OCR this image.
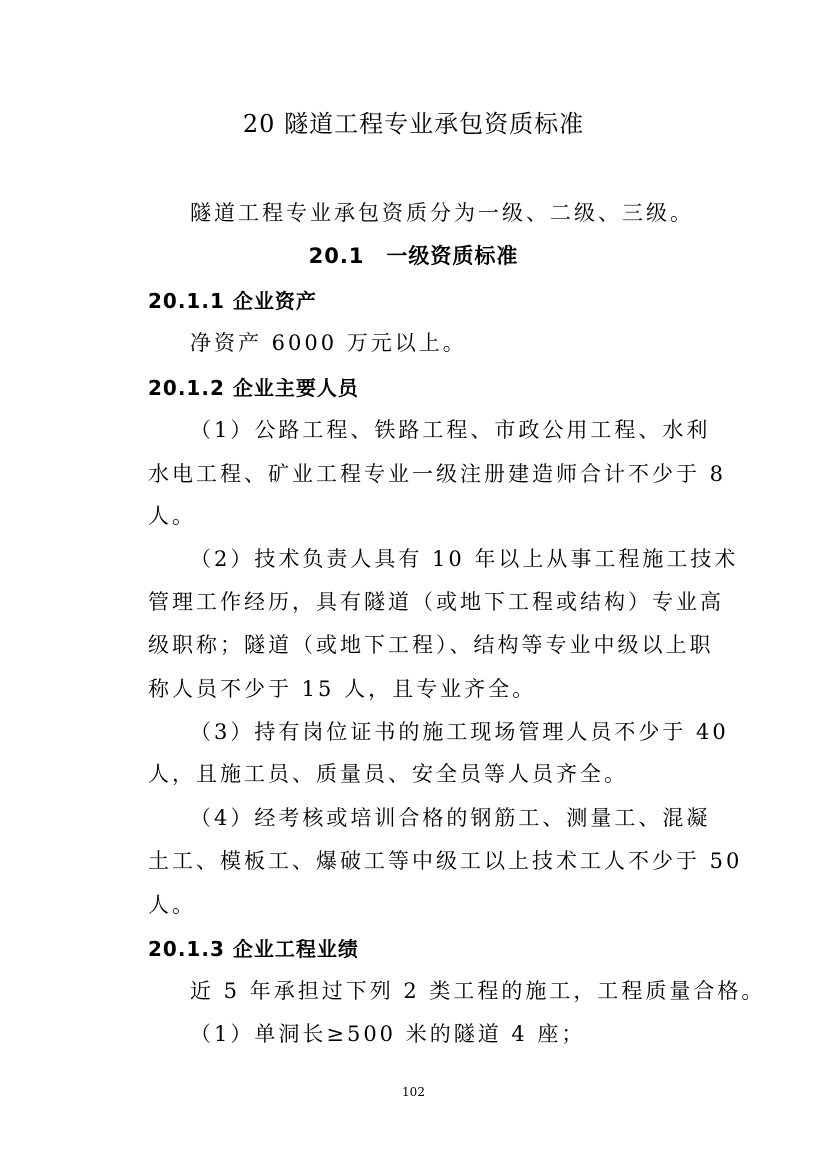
20 隧道工程专业承包资质标准
隧道工程专业承包资质分为一级、二级、三级。
20.1　一级资质标准
20.1.1 企业资产
净资产 6000 万元以上。
20.1.2 企业主要人员
（1）公路工程、铁路工程、市政公用工程、水利
水电工程、矿业工程专业一级注册建造师合计不少于 8
人。
（2）技术负责人具有 10 年以上从事工程施工技术
管理工作经历，具有隧道（或地下工程或结构）专业高
级职称；隧道（或地下工程）、结构等专业中级以上职
称人员不少于 15 人，且专业齐全。
（3）持有岗位证书的施工现场管理人员不少于 40
人，且施工员、质量员、安全员等人员齐全。
（4）经考核或培训合格的钢筋工、测量工、混凝
土工、模板工、爆破工等中级工以上技术工人不少于 50
人。
20.1.3 企业工程业绩
近 5 年承担过下列 2 类工程的施工，工程质量合格。
（1）单洞长≥500 米的隧道 4 座；
102
